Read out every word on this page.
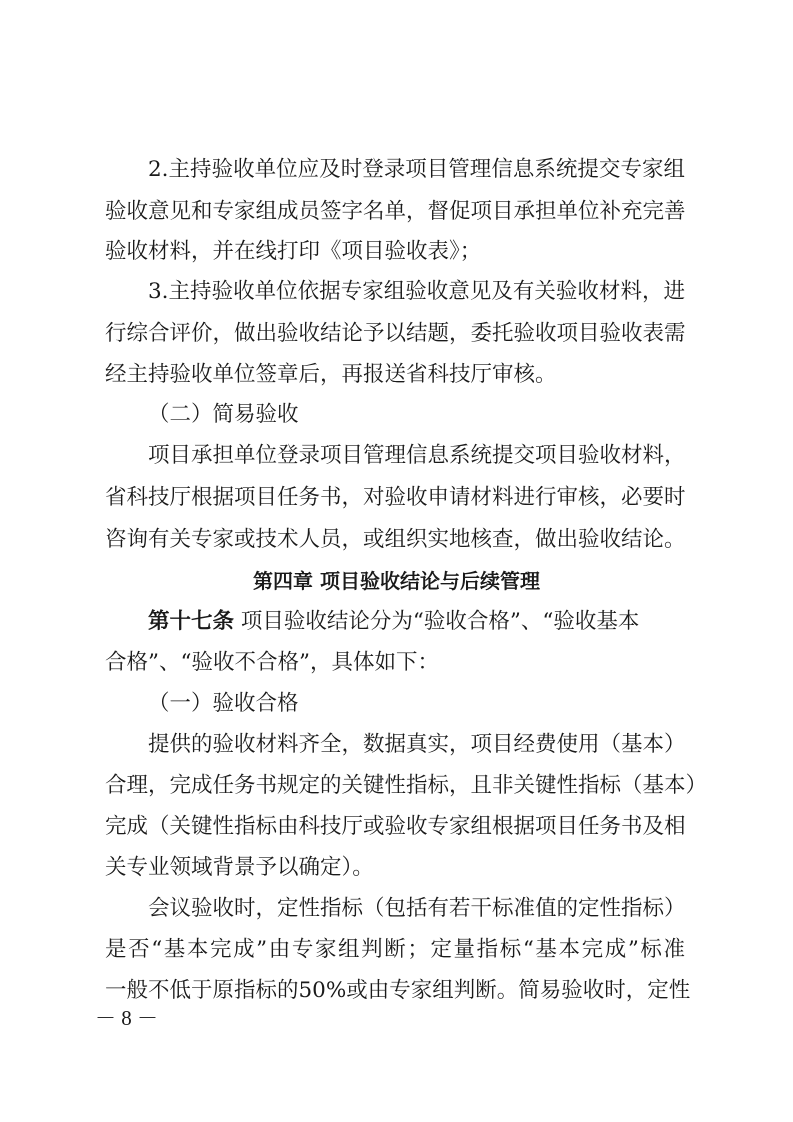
2.主持验收单位应及时登录项目管理信息系统提交专家组
验收意见和专家组成员签字名单，督促项目承担单位补充完善
验收材料，并在线打印《项目验收表》；
3.主持验收单位依据专家组验收意见及有关验收材料，进
行综合评价，做出验收结论予以结题，委托验收项目验收表需
经主持验收单位签章后，再报送省科技厅审核。
（二）简易验收
项目承担单位登录项目管理信息系统提交项目验收材料，
省科技厅根据项目任务书，对验收申请材料进行审核，必要时
咨询有关专家或技术人员，或组织实地核查，做出验收结论。
第四章 项目验收结论与后续管理
第十七条 项目验收结论分为“验收合格”、“验收基本
合格”、“验收不合格”，具体如下：
（一）验收合格
提供的验收材料齐全，数据真实，项目经费使用（基本）
合理，完成任务书规定的关键性指标，且非关键性指标（基本）
完成（关键性指标由科技厅或验收专家组根据项目任务书及相
关专业领域背景予以确定）。
会议验收时，定性指标（包括有若干标准值的定性指标）
是否“基本完成”由专家组判断；定量指标“基本完成”标准
一般不低于原指标的50%或由专家组判断。简易验收时，定性
－ 8 －
